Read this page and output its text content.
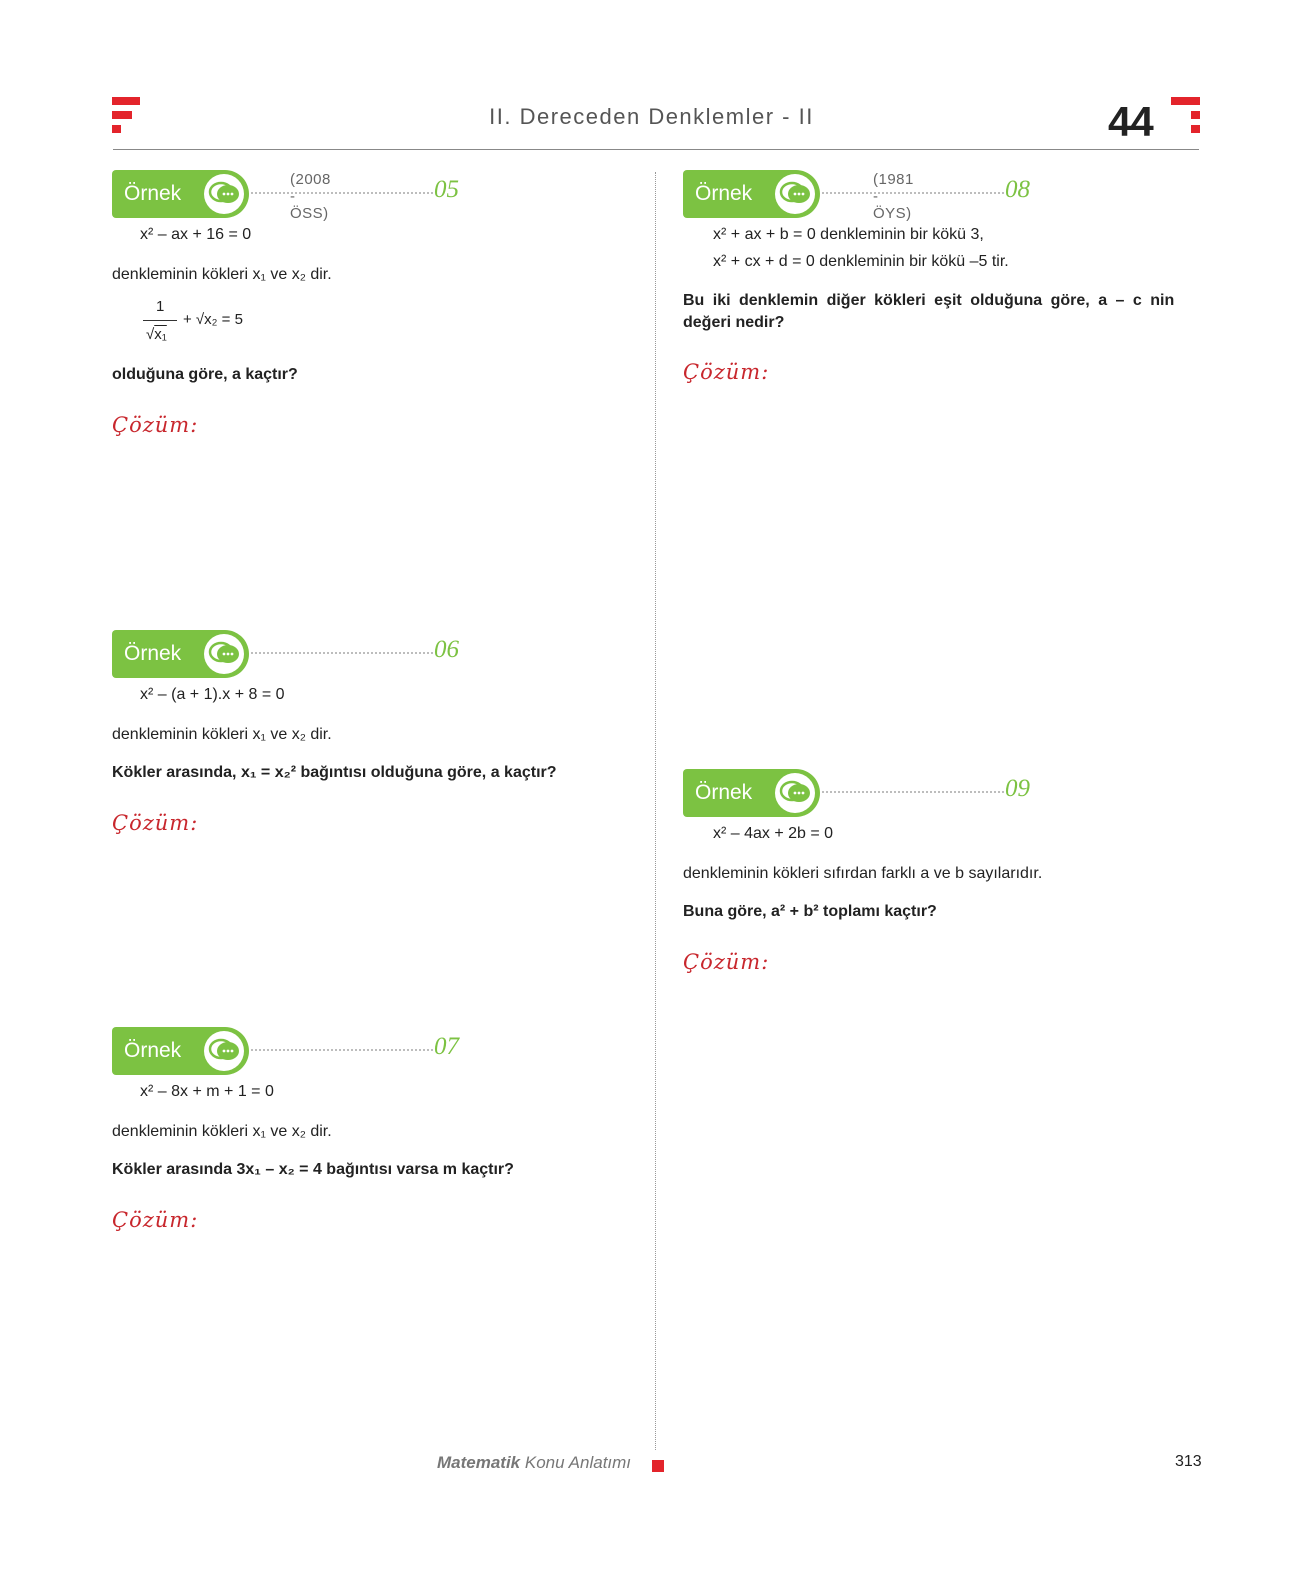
II. Dereceden Denklemler - II	44
Örnek
(2008 - ÖSS)
05
x² – ax + 16 = 0
denkleminin kökleri x₁ ve x₂ dir.
1
√x₁
+ √x₂ = 5
olduğuna göre, a kaçtır?
Çözüm:
Örnek	06
x² – (a + 1).x + 8 = 0
denkleminin kökleri x₁ ve x₂ dir.
Kökler arasında, x₁ = x₂² bağıntısı olduğuna göre, a kaçtır?
Çözüm:
Örnek	07
x² – 8x + m + 1 = 0
denkleminin kökleri x₁ ve x₂ dir.
Kökler arasında 3x₁ – x₂ = 4 bağıntısı varsa m kaçtır?
Çözüm:
Örnek
(1981 - ÖYS)
08
x² + ax + b = 0 denkleminin bir kökü 3,
x² + cx + d = 0 denkleminin bir kökü –5 tir.
Bu iki denklemin diğer kökleri eşit olduğuna göre, a – c nin
değeri nedir?
Çözüm:
Örnek	09
x² – 4ax + 2b = 0
denkleminin kökleri sıfırdan farklı a ve b sayılarıdır.
Buna göre, a² + b² toplamı kaçtır?
Çözüm:
Matematik Konu Anlatımı	313
